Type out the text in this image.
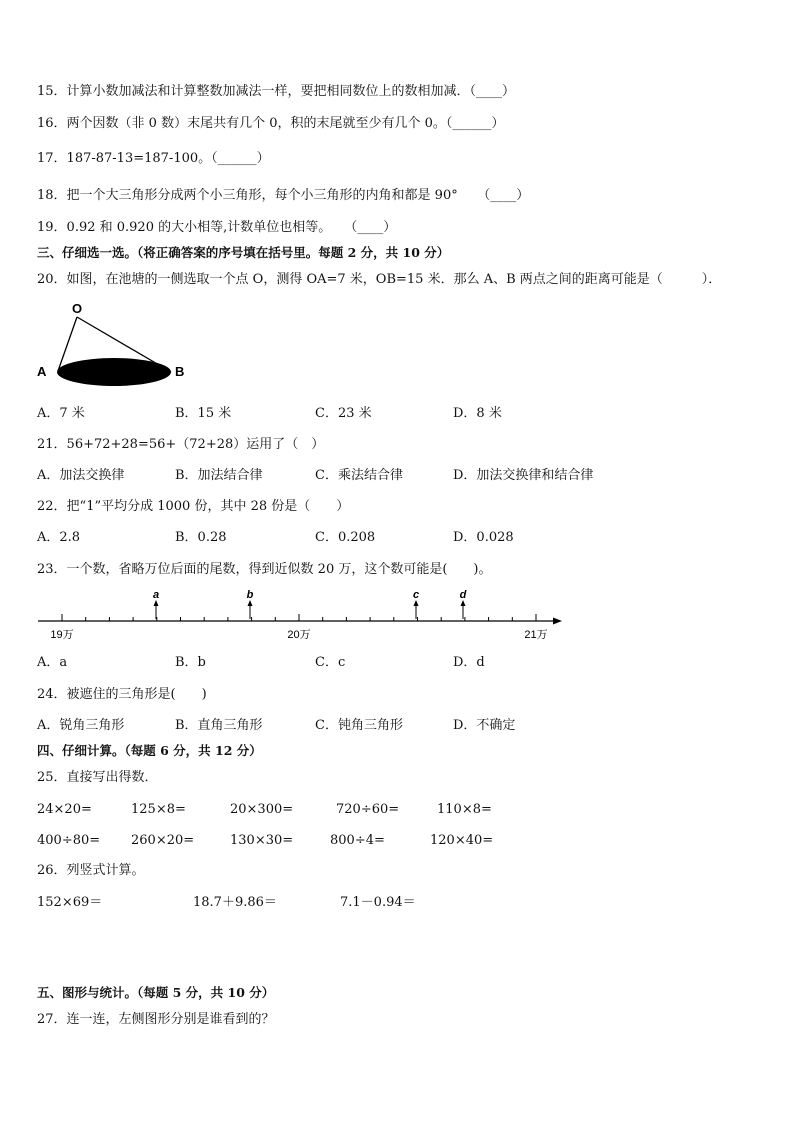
15．计算小数加减法和计算整数加减法一样，要把相同数位上的数相加减．（____）
16．两个因数（非 0 数）末尾共有几个 0，积的末尾就至少有几个 0。（______）
17．187-87-13=187-100。（______）
18．把一个大三角形分成两个小三角形，每个小三角形的内角和都是 90°　　（____）
19．0.92 和 0.920 的大小相等,计数单位也相等。　　（____）
三、仔细选一选。（将正确答案的序号填在括号里。每题 2 分，共 10 分）
20．如图，在池塘的一侧选取一个点 O，测得 OA=7 米，OB=15 米．那么 A、B 两点之间的距离可能是（　　　）．
O
A	B
A．7 米	B．15 米	C．23 米	D．8 米
21．56+72+28=56+（72+28）运用了（　）
A．加法交换律	B．加法结合律	C．乘法结合律	D．加法交换律和结合律
22．把“1”平均分成 1000 份，其中 28 份是（　　）
A．2.8	B．0.28	C．0.208	D．0.028
23．一个数，省略万位后面的尾数，得到近似数 20 万，这个数可能是(　　)。
19万	20万	21万
a	b	c	d
A．a	B．b	C．c	D．d
24．被遮住的三角形是(　　)
A．锐角三角形	B．直角三角形	C．钝角三角形	D．不确定
四、仔细计算。（每题 6 分，共 12 分）
25．直接写出得数．
24×20=	125×8=	20×300=	720÷60=	110×8=
400÷80= 260×20=	130×30=	800÷4=	120×40=
26．列竖式计算。
152×69＝	18.7＋9.86＝	7.1－0.94＝
五、图形与统计。（每题 5 分，共 10 分）
27．连一连，左侧图形分别是谁看到的？
